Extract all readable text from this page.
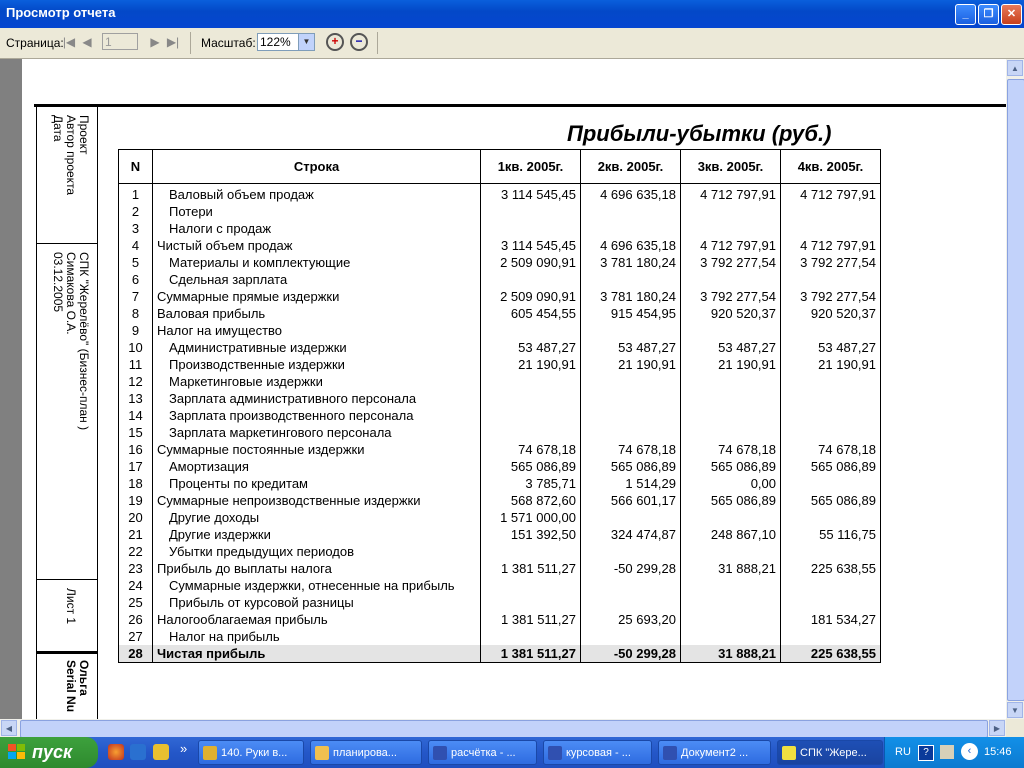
Просмотр отчета	_	❐	✕
Страница: |◀ ◀ 1	▶ ▶| Масштаб: 122%	▼	+	−
Проект
Автор проекта
Дата
СПК "Жерелёво" (Бизнес-план )
Симакова О.А.
03.12.2005
Лист 1
Ольга
Serial Nu
Прибыли-убытки (руб.)
N	Строка	1кв. 2005г.	2кв. 2005г.	3кв. 2005г.	4кв. 2005г.
1	Валовый объем продаж	3 114 545,45	4 696 635,18	4 712 797,91	4 712 797,91
2	Потери				
3	Налоги с продаж				
4	Чистый объем продаж	3 114 545,45	4 696 635,18	4 712 797,91	4 712 797,91
5	Материалы и комплектующие	2 509 090,91	3 781 180,24	3 792 277,54	3 792 277,54
6	Сдельная зарплата				
7	Суммарные прямые издержки	2 509 090,91	3 781 180,24	3 792 277,54	3 792 277,54
8	Валовая прибыль	605 454,55	915 454,95	920 520,37	920 520,37
9	Налог на имущество				
10	Административные издержки	53 487,27	53 487,27	53 487,27	53 487,27
11	Производственные издержки	21 190,91	21 190,91	21 190,91	21 190,91
12	Маркетинговые издержки				
13	Зарплата административного персонала				
14	Зарплата производственного персонала				
15	Зарплата маркетингового персонала				
16	Суммарные постоянные издержки	74 678,18	74 678,18	74 678,18	74 678,18
17	Амортизация	565 086,89	565 086,89	565 086,89	565 086,89
18	Проценты по кредитам	3 785,71	1 514,29	0,00	
19	Суммарные непроизводственные издержки	568 872,60	566 601,17	565 086,89	565 086,89
20	Другие доходы	1 571 000,00			
21	Другие издержки	151 392,50	324 474,87	248 867,10	55 116,75
22	Убытки предыдущих периодов				
23	Прибыль до выплаты налога	1 381 511,27	-50 299,28	31 888,21	225 638,55
24	Суммарные издержки, отнесенные на прибыль				
25	Прибыль от курсовой разницы				
26	Налогооблагаемая прибыль	1 381 511,27	25 693,20		181 534,27
27	Налог на прибыль				
28	Чистая прибыль	1 381 511,27	-50 299,28	31 888,21	225 638,55
▲
▼
◀	▶
пуск	»	140. Руки в...	планирова...	расчётка - ...	курсовая - ...	Документ2 ...	СПК "Жере...	RU	?	‹	15:46
